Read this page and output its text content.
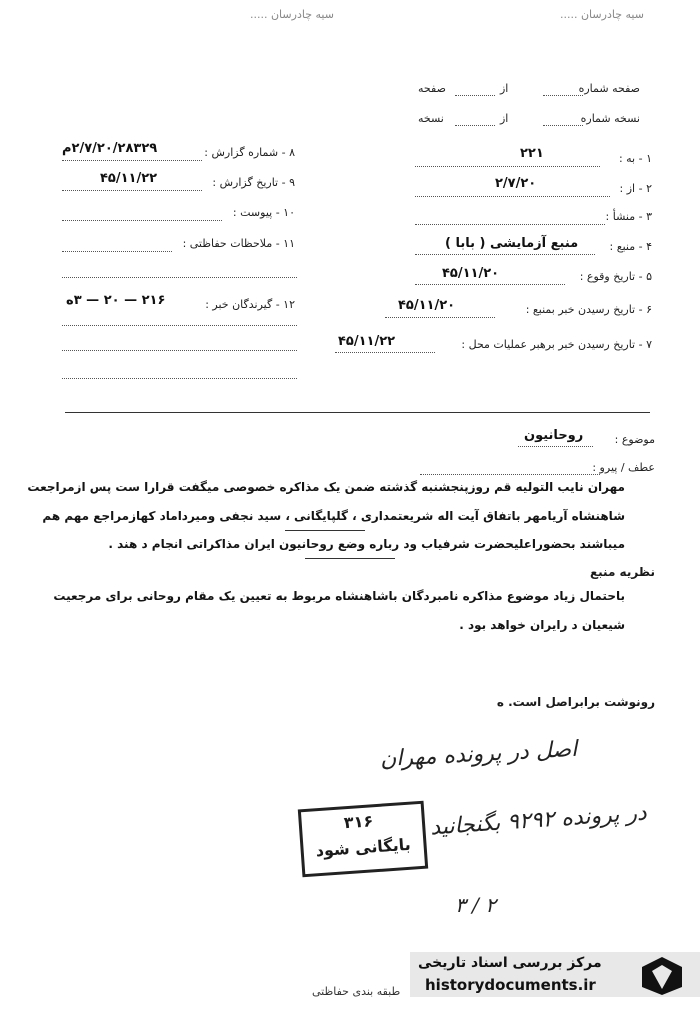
سیه چادرسان .....
سیه چادرسان .....
صفحه شماره
از
صفحه
نسخه شماره
از
نسخه
۱ - به :
۲۲۱
۲ - از :
۲/۷/۲۰
۳ - منشأ :
۴ - منبع :
منبع آزمایشی ( بابا )
۵ - تاریخ وقوع :
۴۵/۱۱/۲۰
۶ - تاریخ رسیدن خبر بمنبع :
۴۵/۱۱/۲۰
۷ - تاریخ رسیدن خبر برهبر عملیات محل :
۴۵/۱۱/۲۲
۸ - شماره گزارش :
۲/۷/۲۰/۲۸۳۲۹م
۹ - تاریخ گزارش :
۴۵/۱۱/۲۲
۱۰ - پیوست :
۱۱ - ملاحظات حفاظتی :
۱۲ - گیرندگان خبر :
۲۱۶ — ۲۰ — ۳ه
موضوع :
روحانیون
عطف / پیرو :
مهران نایب التولیه قم روزپنجشنبه گذشته ضمن یک مذاکره خصوصی میگفت قرارا ست پس ازمراجعت
شاهنشاه آریامهر باتفاق آیت اله شریعتمداری ، گلپایگانی ، سید نجفی ومیرداماد کهازمراجع مهم هم
میباشند بحضوراعلیحضرت شرفیاب ود رباره وضع روحانیون ایران مذاکراتی انجام د هند .
نظریه منبع
باحتمال زیاد موضوع مذاکره نامبردگان باشاهنشاه مربوط به تعیین یک مقام روحانی برای مرجعیت
شیعیان د رایران خواهد بود .
رونوشت برابراصل است. ه
اصل در پرونده مهران
در پرونده ۹۲۹۲ بگنجانید
۲ / ۳
۳۱۶
بایگانی شود
طبقه بندی حفاظتی
مرکز بررسی اسناد تاریخی
historydocuments.ir
